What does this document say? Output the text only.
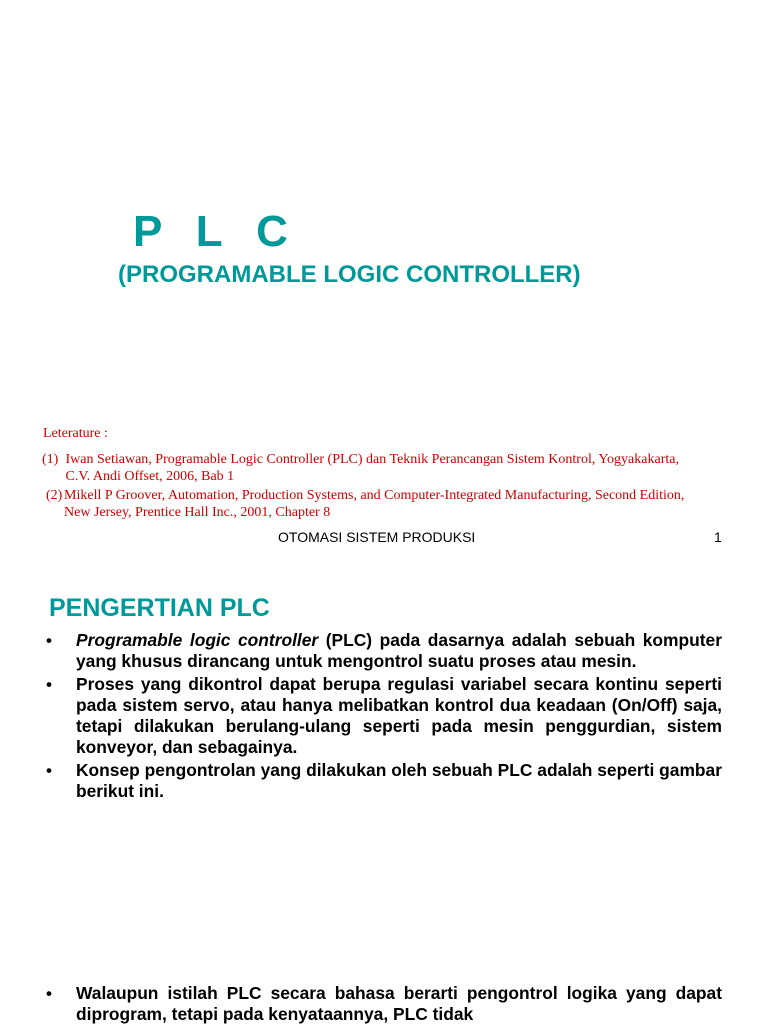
P L C
(PROGRAMABLE LOGIC CONTROLLER)
Leterature :
(1) Iwan Setiawan, Programable Logic Controller (PLC) dan Teknik Perancangan Sistem Kontrol, Yogyakakarta, C.V. Andi Offset, 2006, Bab 1
(2) Mikell P Groover, Automation, Production Systems, and Computer-Integrated Manufacturing, Second Edition, New Jersey, Prentice Hall Inc., 2001, Chapter 8
OTOMASI SISTEM PRODUKSI	1
PENGERTIAN PLC
•	Programable logic controller (PLC) pada dasarnya adalah sebuah komputer yang khusus dirancang untuk mengontrol suatu proses atau mesin.
•	Proses yang dikontrol dapat berupa regulasi variabel secara kontinu seperti pada sistem servo, atau hanya melibatkan kontrol dua keadaan (On/Off) saja, tetapi dilakukan berulang-ulang seperti pada mesin penggurdian, sistem konveyor, dan sebagainya.
•	Konsep pengontrolan yang dilakukan oleh sebuah PLC adalah seperti gambar berikut ini.
•	Walaupun istilah PLC secara bahasa berarti pengontrol logika yang dapat diprogram, tetapi pada kenyataannya, PLC tidak
